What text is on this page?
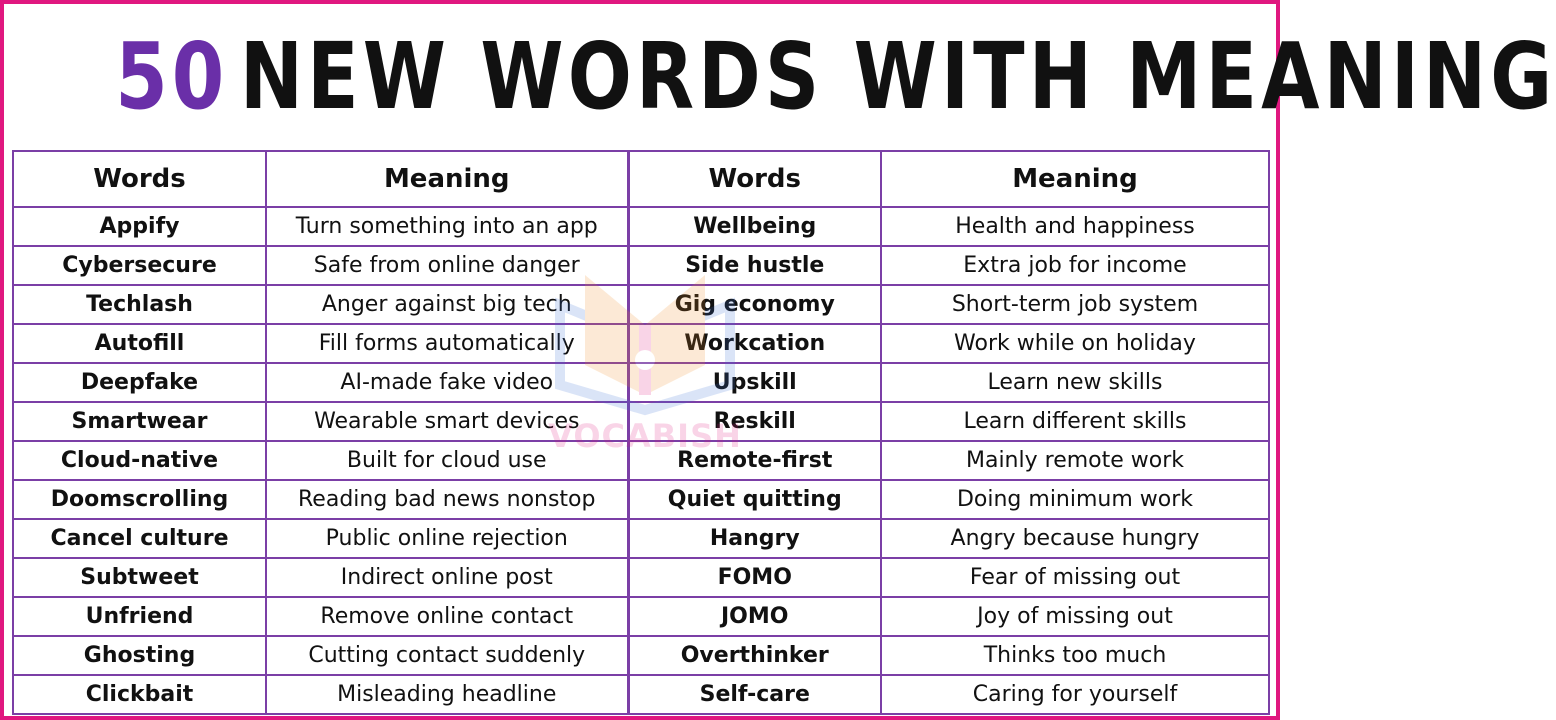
50 NEW WORDS WITH MEANING
Words	Meaning	Words	Meaning
Appify	Turn something into an app	Wellbeing	Health and happiness
Cybersecure	Safe from online danger	Side hustle	Extra job for income
Techlash	Anger against big tech	Gig economy	Short-term job system
Autofill	Fill forms automatically	Workcation	Work while on holiday
Deepfake	AI-made fake video	Upskill	Learn new skills
Smartwear	Wearable smart devices	Reskill	Learn different skills
Cloud-native	Built for cloud use	Remote-first	Mainly remote work
Doomscrolling	Reading bad news nonstop	Quiet quitting	Doing minimum work
Cancel culture	Public online rejection	Hangry	Angry because hungry
Subtweet	Indirect online post	FOMO	Fear of missing out
Unfriend	Remove online contact	JOMO	Joy of missing out
Ghosting	Cutting contact suddenly	Overthinker	Thinks too much
Clickbait	Misleading headline	Self-care	Caring for yourself
